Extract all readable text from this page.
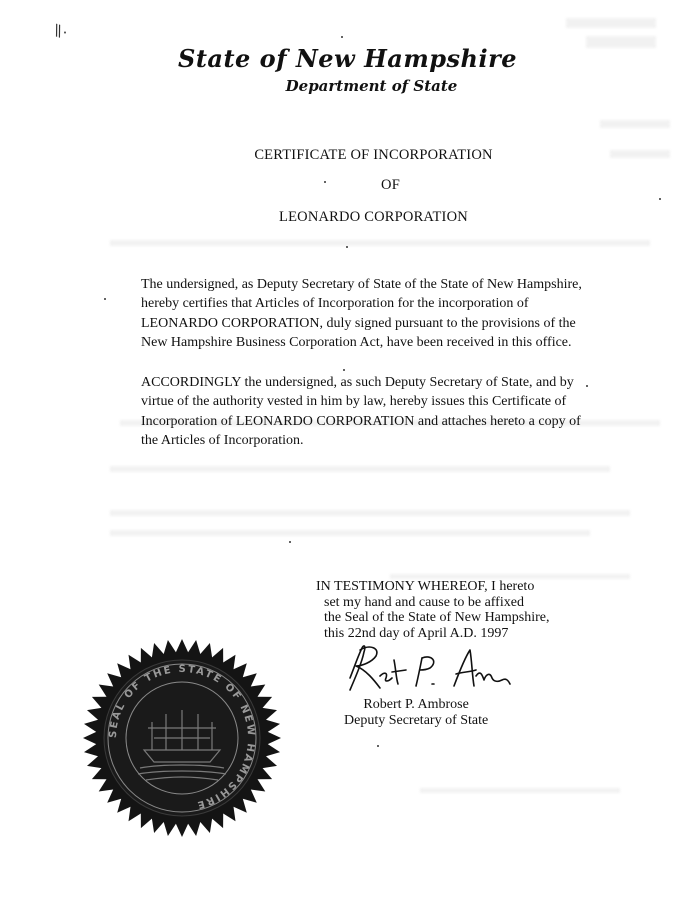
\\ ·
State of New Hampshire
Department of State
CERTIFICATE OF INCORPORATION
OF
LEONARDO CORPORATION
The undersigned, as Deputy Secretary of State of the State of New Hampshire,
hereby certifies that Articles of Incorporation for the incorporation of
LEONARDO CORPORATION, duly signed pursuant to the provisions of the
New Hampshire Business Corporation Act, have been received in this office.
ACCORDINGLY the undersigned, as such Deputy Secretary of State, and by
virtue of the authority vested in him by law, hereby issues this Certificate of
Incorporation of LEONARDO CORPORATION and attaches hereto a copy of
the Articles of Incorporation.
IN TESTIMONY WHEREOF, I hereto
set my hand and cause to be affixed
the Seal of the State of New Hampshire,
this 22nd day of April A.D. 1997
Robert P. Ambrose
Deputy Secretary of State
SEAL OF THE STATE OF NEW HAMPSHIRE
